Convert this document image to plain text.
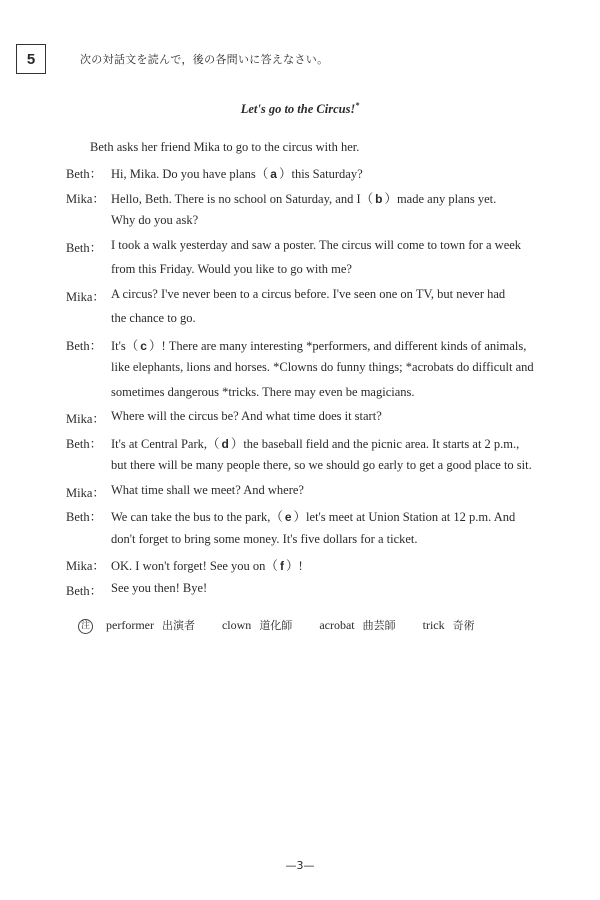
5	次の対話文を読んで，後の各問いに答えなさい。
Let's go to the Circus!*
Beth asks her friend Mika to go to the circus with her.
Beth： Hi, Mika. Do you have plans（ a ）this Saturday?
Mika： Hello, Beth. There is no school on Saturday, and I（ b ）made any plans yet.
Why do you ask?
Beth： I took a walk yesterday and saw a poster. The circus will come to town for a week
from this Friday. Would you like to go with me?
Mika： A circus? I've never been to a circus before. I've seen one on TV, but never had
the chance to go.
Beth： It's（ c ）! There are many interesting *performers, and different kinds of animals,
like elephants, lions and horses. *Clowns do funny things; *acrobats do difficult and
sometimes dangerous *tricks. There may even be magicians.
Mika： Where will the circus be? And what time does it start?
Beth： It's at Central Park,（ d ）the baseball field and the picnic area. It starts at 2 p.m.,
but there will be many people there, so we should go early to get a good place to sit.
Mika： What time shall we meet? And where?
Beth： We can take the bus to the park,（ e ）let's meet at Union Station at 12 p.m. And
don't forget to bring some money. It's five dollars for a ticket.
Mika： OK. I won't forget! See you on（ f ）!
Beth： See you then! Bye!
注 performer 出演者 clown 道化師 acrobat 曲芸師 trick 奇術
—3—
